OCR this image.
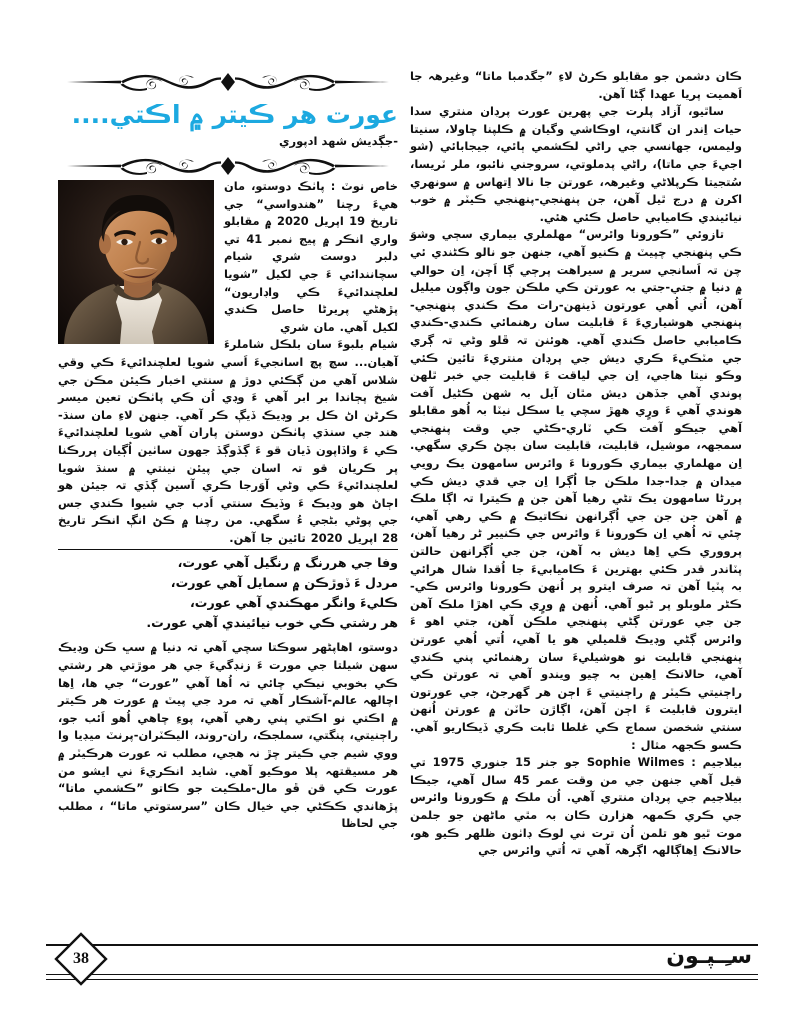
عورت هر ڪيتر ۾ اڪتي....
-جڳديش شهد ادپوري

خاص نوٽ : پاٺڪ دوستو، مان هيءَ رچنا ”هندواسي“ جي تاريخ 19 اپريل 2020 ۾ مقابلو واري انڪر ۾ پيج نمبر 41 تي دلبر دوست شري شيام سچانندائي ءَ جي لکيل ”شويا لعلچندائيءَ ڪي واڊاريون“ پڙهڻي پريرڻا حاصل ڪندي لکيل آهي. مان شري

شيام بلبوءَ سان بلڪل شاملرءَ آهيان... سچ پچ اسانجيءَ اَسي شويا لعلچندائيءَ ڪي وقي شلاس آهي من ڳڪئي دوڙ ۾ سنتي اخبار ڪيئن مڪن جي شيخ پڄاندا بر ابر آهي ءَ وڊي اُن ڪي پاٺڪن تعين ميسر ڪرڻن اڻ ڪل بر وڊيڪ ڏيڳ ڪر آهي. جنهن لاءِ مان سنڌ-هند جي سنڌي پاٺڪن دوستن پاران آهي شويا لعلچندائيءَ ڪي ءَ واڏاپون ڏيان قو ءَ ڳڏوڳڏ جهون ساٺين اُڳيان پررڪنا پر ڪريان قو تہ اسان جي پيئن نينتي ۾ سنڌ شويا لعلچندائيءَ ڪي وڻي آوَرجا ڪري آسين ڳڏي تہ جيئن هو اڄاڻ هو وڊيڪ ءَ وڏيڪ سنتي اَدب جي شيوا ڪندي جس جي پوڻي بڻجي ءُ سگهي. من رچنا ۾ ڪڻ انڳ انڪر تاريخ 28 اپريل 2020 تائين جا آهن.

وفا جي هررنگ ۾ رنگيل آهي عورت،
مردل ءَ ڏوڙڪن ۾ سمايل آهي عورت،
ڪليءَ وانگر مهڪندي آهي عورت،
هر رشتي ڪي خوب نيائيندي آهي عورت.

دوستو، اهاپڻهر سوڪتا سچي آهي تہ دنيا ۾ سڀ ڪن وڊيڪ سهن شيلتا جي مورت ءَ زنڊگيءَ جي هر موڙتي هر رشتي ڪي بخوبي نيڪي چائي تہ اُها آهي ”عورت“ جي ها، اِها اچالهہ عالم-آشڪار آهي تہ مرد جي پيٽ ۾ عورت هر ڪيتر ۾ اڪتي نو اڪتي پني رهي آهي، پوءِ چاهي اُهو اَئب جو، راڄنيتي، پنگتي، سملجڪ، ران-روند، اليڪٽران-پرنٽ ميڊيا وا ووي شيم جي ڪيتر چڙ نہ هجي، مطلب تہ عورت هرڪيٽر ۾ هر مسيقتهہ پلا موڪيو آهي. شايد انڪريءَ ني ايشو من عورت ڪي قن ڦو مال-ملڪيت جو ڪاتو ”ڪشمي ماتا“ پڙهاندي ڪڪڻي جي خيال ڪان ”سرستوتي ماتا“ ، مطلب جي لحاظا

ڪان دشمن جو مقابلو ڪرڻ لاءِ ”جگدمبا ماتا“ وغيرهہ جا اَهميت پريا عهدا ڳڻا آهن.

ساٿيو، آزاد پلرت جي پهرين عورت پرڊان منتري سدا حيات اِندر ان گانتي، اوڪاشي وگيان ۾ ڪلپنا چاولا، سنيتا وليمس، جهانسي جي راڻي لڪشمي ٻائي، جيجابائي (شو اجيءَ جي ماتا)، راڻي پدملوتي، سروجني نائبو، ملر ٽريسا، سُتجيتا ڪرپلاڻي وغيرهہ، عورتن جا نالا اِتهاس ۾ سونهري اکرن ۾ درج ٿيل آهن، جن پنهنجي-پنهنجي ڪيٽر ۾ خوب نيائيندي ڪاميابي حاصل ڪئي هئي.

تازوئي ”ڪورونا وائرس“ مهلملري بيماري سڄي وشوَ ڪي پنهنجي چپيٽ ۾ ڪنيو آهي، جنهن جو نالو ڪڻندي ئي چن تہ اَسانجي سرير ۾ سيراهت پرڄي ڳا اَچن، اِن حوالي ۾ دنيا ۾ جتي-جتي بہ عورتن ڪي ملڪن جون واڳون ميليل آهن، اُتي اُهي عورتون ڏينهن-رات مڪ ڪندي پنهنجي-پنهنجي هوشياريءَ ءَ قابليت سان رهنمائي ڪندي-ڪندي ڪاميابي حاصل ڪندي آهي. هوئنن تہ ڦلو وڻي تہ ڳري جي مٽڪيءَ ڪري ديش جي پرڊان منتريءَ تائين ڪئي وڪو نيتا هاجي، اِن جي لياقت ءَ قابليت جي خبر ٿلهن پوندي آهي جڏهن ديش مٿان آيل بہ شهن ڪڻيل آفت هوندي آهي ءَ ورٍي ههڙ سچي يا سڪل نيٽا بہ اُهو مقابلو آهي جيڪو آفت ڪي ٽاري-ڪڻي جي وقت پنهنجي سمجهہ، موشيل، قابليت، قابليت سان بچڻ ڪري سگهي. اِن مهلماري بيماري ڪورونا ءَ وائرس سامهون يڪ رويي ميدان ۾ جدا-جدا ملڪن جا اُڳرا اِن جي قدي ديش ڪي پررڻا سامهون يڪ تڻي رهيا آهن جن ۾ ڪيترا تہ اڳا ملڪ ۾ آهن جن جن جي اُڳرانهن نڪاتيڪ ۾ ڪي رهي آهي، چئي تہ اُهي اِن ڪورونا ءَ وائرس جي ڪنيير ڻر رهيا آهن، پرووري ڪي اِها ديش بہ آهن، جن جي اُڳرانهن حالتن پٽاندر قدر ڪئي بهترين ءَ ڪاميابيءَ جا اُقدا شال هرائي بہ پٽيا آهن تہ صرف ايترو پر اُنهن ڪورونا وائرس ڪي-ڪڻر ملوبلو پر ڻبو آهي. اُنهن ۾ ورٍي ڪي اهڙا ملڪ آهن جن جي عورتن ڳڻي پنهنجي ملڪن آهن، جتي اهو ءَ وائرس ڳڻي وڊيڪ قلميلي هو يا آهي، اُتي اُهي عورتن پنهنجي قابليت نو هوشيليءَ سان رهنمائي پني ڪندي آهي، حالانڪ اِهين بہ چيو ويندو آهي تہ عورتن ڪي راڄنيتي ڪيٽر ۾ راڄنيتي ءَ اڄن هر گهرجڻ، جي عورتون ايترون قابليت ءَ اڄن آهن، اڳاڙن حاٽن ۾ عورتن اُنهن سنتي شخصن سماج ڪي غلطا ثابت ڪري ڏيڪاريو آهي. ڪسو ڪجهہ مثال :

بيلاجيم : Sophie Wilmes جو جنر 15 جنوري 1975 تي قيل آهي جنهن جي من وقت عمر 45 سال آهي، جيڪا بيلاجيم جي پرڊان منتري آهي. اُن ملڪ ۾ ڪورونا وائرس جي ڪري ڪمهہ هزارن ڪان بہ مٿي ماڻهن جو جلمن موت ٿيو هو تلمن اُن ترت ني لوڪ ڊاٺون ظلهر ڪيو هو، حالانڪ اِهاڳالهہ اڳرهہ آهي تہ اُتي وائرس جي

38	سـِـپـون
